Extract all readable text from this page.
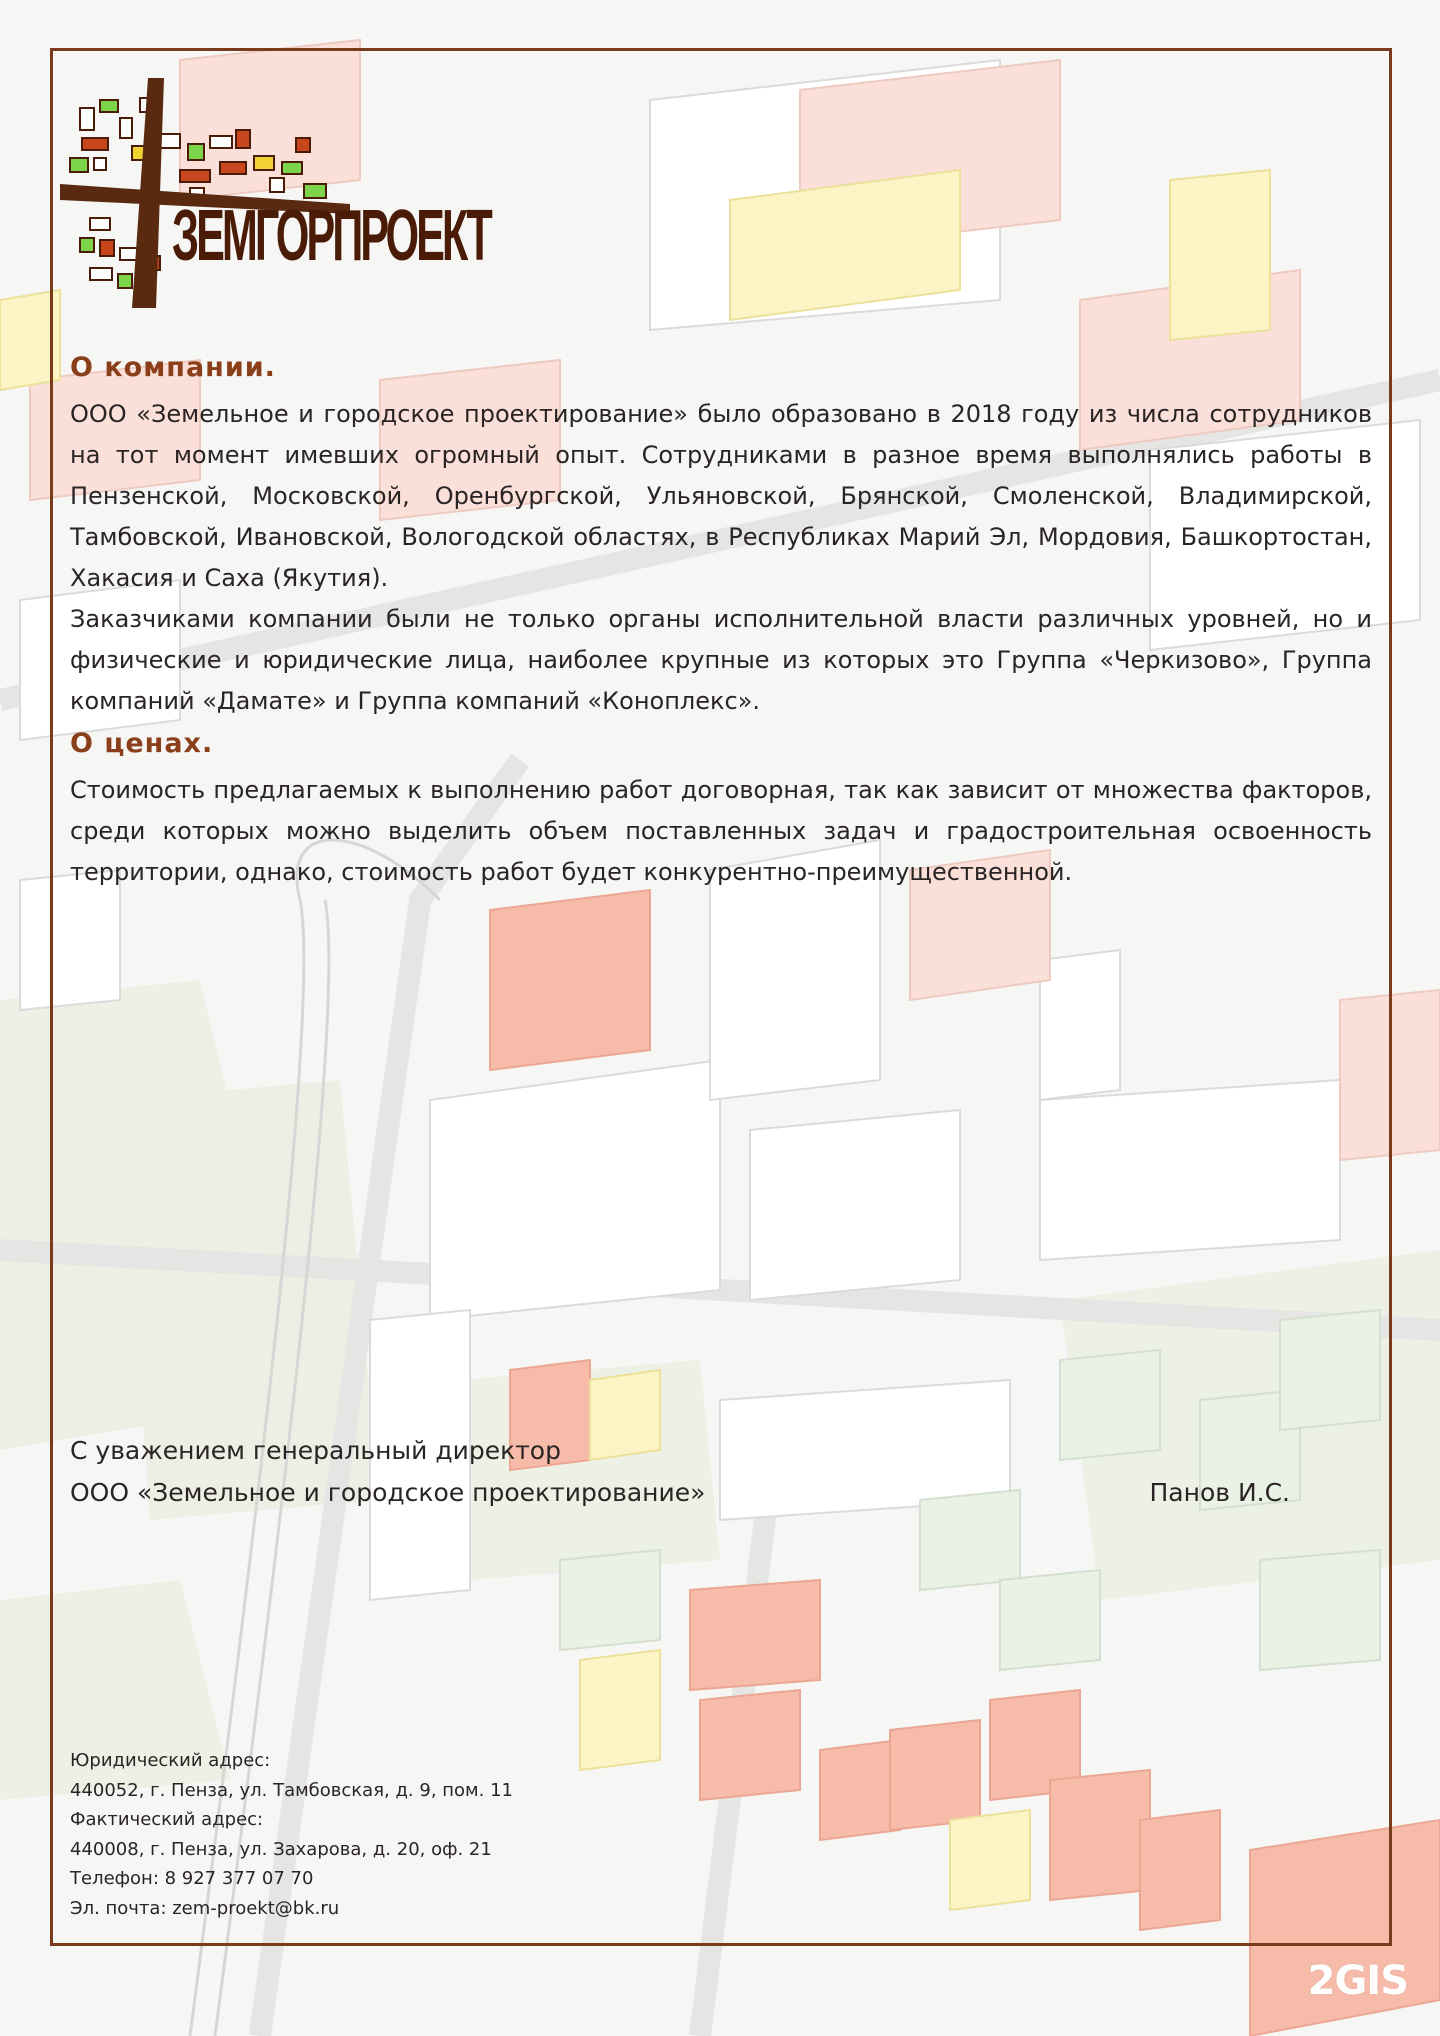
ЗЕМГОРПРОЕКТ
О компании.

ООО «Земельное и городское проектирование» было образовано в 2018 году из числа сотрудников на тот момент имевших огромный опыт. Сотрудниками в разное время выполнялись работы в Пензенской, Московской, Оренбургской, Ульяновской, Брянской, Смоленской, Владимирской, Тамбовской, Ивановской, Вологодской областях, в Республиках Марий Эл, Мордовия, Башкортостан, Хакасия и Саха (Якутия).

Заказчиками компании были не только органы исполнительной власти различных уровней, но и физические и юридические лица, наиболее крупные из которых это Группа «Черкизово», Группа компаний «Дамате» и Группа компаний «Коноплекс».

О ценах.

Стоимость предлагаемых к выполнению работ договорная, так как зависит от множества факторов, среди которых можно выделить объем поставленных задач и градостроительная освоенность территории, однако, стоимость работ будет конкурентно-преимущественной.

С уважением генеральный директор
ООО «Земельное и городское проектирование»	Панов И.С.
Юридический адрес:
440052, г. Пенза, ул. Тамбовская, д. 9, пом. 11
Фактический адрес:
440008, г. Пенза, ул. Захарова, д. 20, оф. 21
Телефон: 8 927 377 07 70
Эл. почта: zem-proekt@bk.ru
2GIS
